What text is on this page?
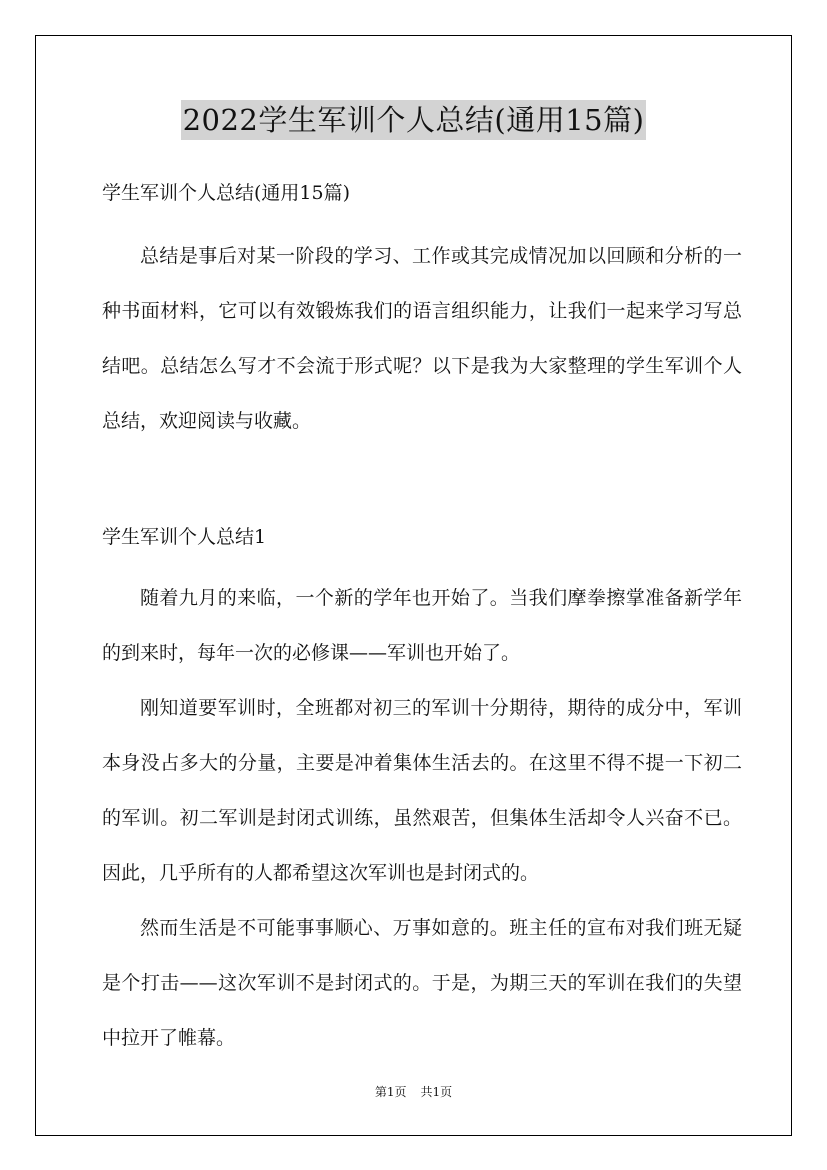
2022学生军训个人总结(通用15篇)

学生军训个人总结(通用15篇)

总结是事后对某一阶段的学习、工作或其完成情况加以回顾和分析的一种书面材料，它可以有效锻炼我们的语言组织能力，让我们一起来学习写总结吧。总结怎么写才不会流于形式呢？以下是我为大家整理的学生军训个人总结，欢迎阅读与收藏。

学生军训个人总结1

随着九月的来临，一个新的学年也开始了。当我们摩拳擦掌准备新学年的到来时，每年一次的必修课——军训也开始了。

刚知道要军训时，全班都对初三的军训十分期待，期待的成分中，军训本身没占多大的分量，主要是冲着集体生活去的。在这里不得不提一下初二的军训。初二军训是封闭式训练，虽然艰苦，但集体生活却令人兴奋不已。因此，几乎所有的人都希望这次军训也是封闭式的。

然而生活是不可能事事顺心、万事如意的。班主任的宣布对我们班无疑是个打击——这次军训不是封闭式的。于是，为期三天的军训在我们的失望中拉开了帷幕。

第1页 共1页
